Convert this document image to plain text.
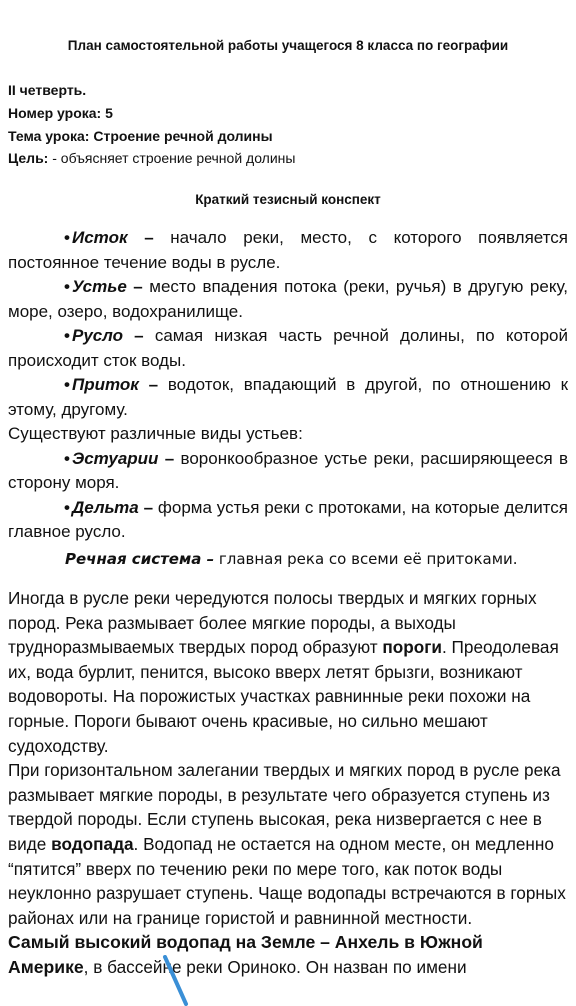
План самостоятельной работы учащегося 8 класса по географии
II четверть.
Номер урока: 5
Тема урока: Строение речной долины
Цель: - объясняет строение речной долины
Краткий тезисный конспект
• Исток – начало реки, место, с которого появляется постоянное течение воды в русле.
• Устье – место впадения потока (реки, ручья) в другую реку, море, озеро, водохранилище.
• Русло – самая низкая часть речной долины, по которой происходит сток воды.
• Приток – водоток, впадающий в другой, по отношению к этому, другому.

Существуют различные виды устьев:

• Эстуарии – воронкообразное устье реки, расширяющееся в сторону моря.
• Дельта – форма устья реки с протоками, на которые делится главное русло.
Речная система – главная река со всеми её притоками.

Иногда в русле реки чередуются полосы твердых и мягких горных пород. Река размывает более мягкие породы, а выходы трудноразмываемых твердых пород образуют пороги. Преодолевая их, вода бурлит, пенится, высоко вверх летят брызги, возникают водовороты. На порожистых участках равнинные реки похожи на горные. Пороги бывают очень красивые, но сильно мешают судоходству.

При горизонтальном залегании твердых и мягких пород в русле река размывает мягкие породы, в результате чего образуется ступень из твердой породы. Если ступень высокая, река низвергается с нее в виде водопада. Водопад не остается на одном месте, он медленно “пятится” вверх по течению реки по мере того, как поток воды неуклонно разрушает ступень. Чаще водопады встречаются в горных районах или на границе гористой и равнинной местности.

Самый высокий водопад на Земле – Анхель в Южной Америке, в бассейне реки Ориноко. Он назван по имени
